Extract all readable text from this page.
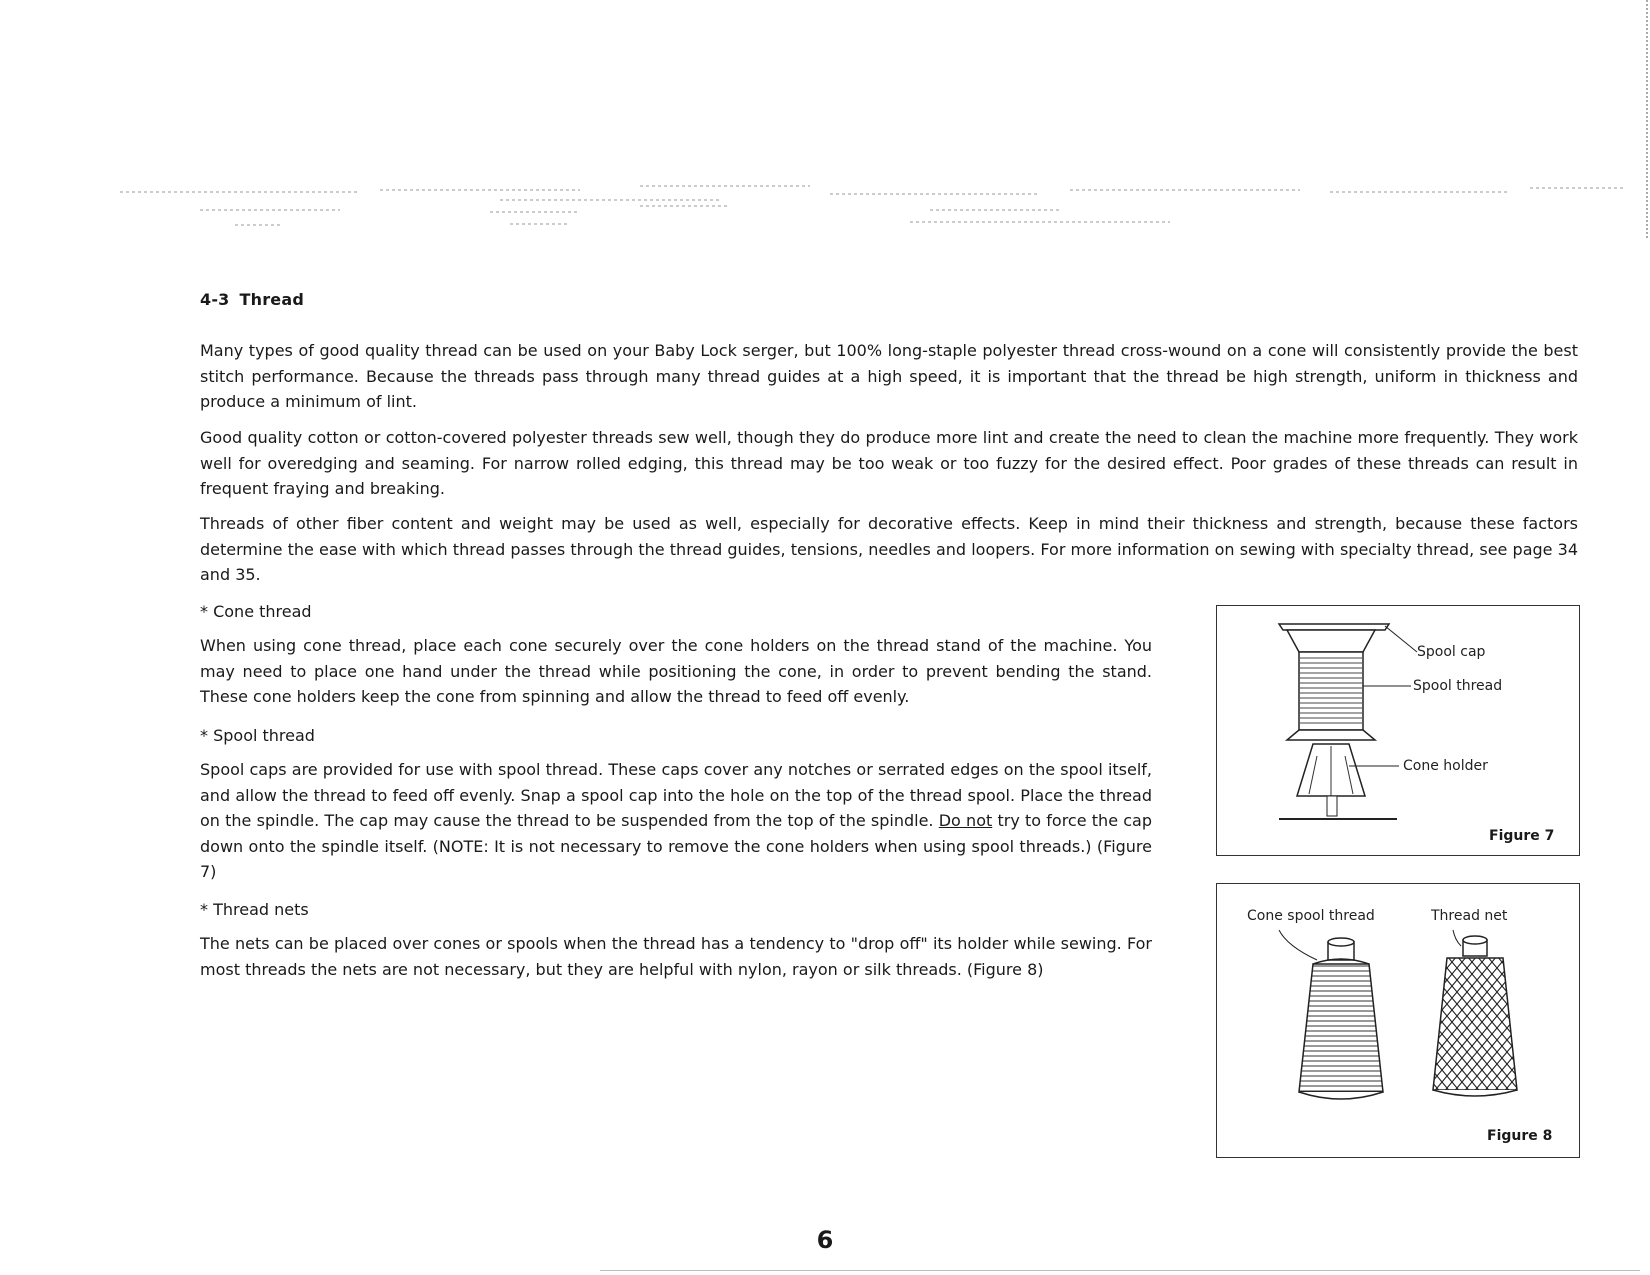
4-3 Thread
Many types of good quality thread can be used on your Baby Lock serger, but 100% long-staple polyester thread cross-wound on a cone will consistently provide the best stitch performance. Because the threads pass through many thread guides at a high speed, it is important that the thread be high strength, uniform in thickness and produce a minimum of lint.
Good quality cotton or cotton-covered polyester threads sew well, though they do produce more lint and create the need to clean the machine more frequently. They work well for overedging and seaming. For narrow rolled edging, this thread may be too weak or too fuzzy for the desired effect. Poor grades of these threads can result in frequent fraying and breaking.
Threads of other fiber content and weight may be used as well, especially for decorative effects. Keep in mind their thickness and strength, because these factors determine the ease with which thread passes through the thread guides, tensions, needles and loopers. For more information on sewing with specialty thread, see page 34 and 35.
* Cone thread
When using cone thread, place each cone securely over the cone holders on the thread stand of the machine. You may need to place one hand under the thread while positioning the cone, in order to prevent bending the stand. These cone holders keep the cone from spinning and allow the thread to feed off evenly.
* Spool thread
Spool caps are provided for use with spool thread. These caps cover any notches or serrated edges on the spool itself, and allow the thread to feed off evenly. Snap a spool cap into the hole on the top of the thread spool. Place the thread on the spindle. The cap may cause the thread to be suspended from the top of the spindle. Do not try to force the cap down onto the spindle itself. (NOTE: It is not necessary to remove the cone holders when using spool threads.) (Figure 7)
* Thread nets
The nets can be placed over cones or spools when the thread has a tendency to "drop off" its holder while sewing. For most threads the nets are not necessary, but they are helpful with nylon, rayon or silk threads. (Figure 8)
Spool cap
Spool thread
Cone holder
Figure 7
Cone spool thread	Thread net
Figure 8
6
